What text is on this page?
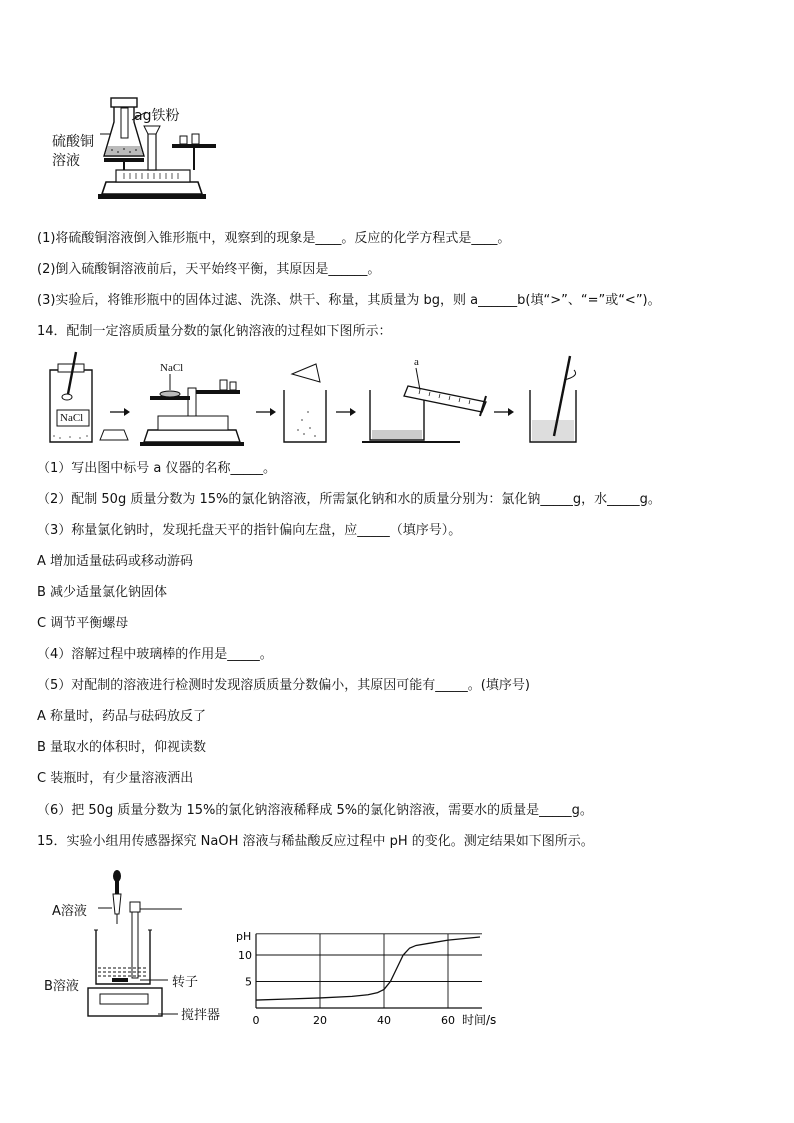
ag铁粉
硫酸铜
溶液
(1)将硫酸铜溶液倒入锥形瓶中，观察到的现象是____。反应的化学方程式是____。
(2)倒入硫酸铜溶液前后，天平始终平衡，其原因是______。
(3)实验后，将锥形瓶中的固体过滤、洗涤、烘干、称量，其质量为 bg，则 a______b(填“>”、“=”或“<”)。
14．配制一定溶质质量分数的氯化钠溶液的过程如下图所示：
NaCl
NaCl	a
（1）写出图中标号 a 仪器的名称_____。
（2）配制 50g 质量分数为 15%的氯化钠溶液，所需氯化钠和水的质量分别为：氯化钠_____g，水_____g。
（3）称量氯化钠时，发现托盘天平的指针偏向左盘，应_____（填序号）。
A 增加适量砝码或移动游码
B 减少适量氯化钠固体
C 调节平衡螺母
（4）溶解过程中玻璃棒的作用是_____。
（5）对配制的溶液进行检测时发现溶质质量分数偏小，其原因可能有_____。(填序号)
A 称量时，药品与砝码放反了
B 量取水的体积时，仰视读数
C 装瓶时，有少量溶液洒出
（6）把 50g 质量分数为 15%的氯化钠溶液稀释成 5%的氯化钠溶液，需要水的质量是_____g。
15．实验小组用传感器探究 NaOH 溶液与稀盐酸反应过程中 pH 的变化。测定结果如下图所示。
A溶液
B溶液	转子
搅拌器	0	20	40	60
5
10
pH
时间/s
